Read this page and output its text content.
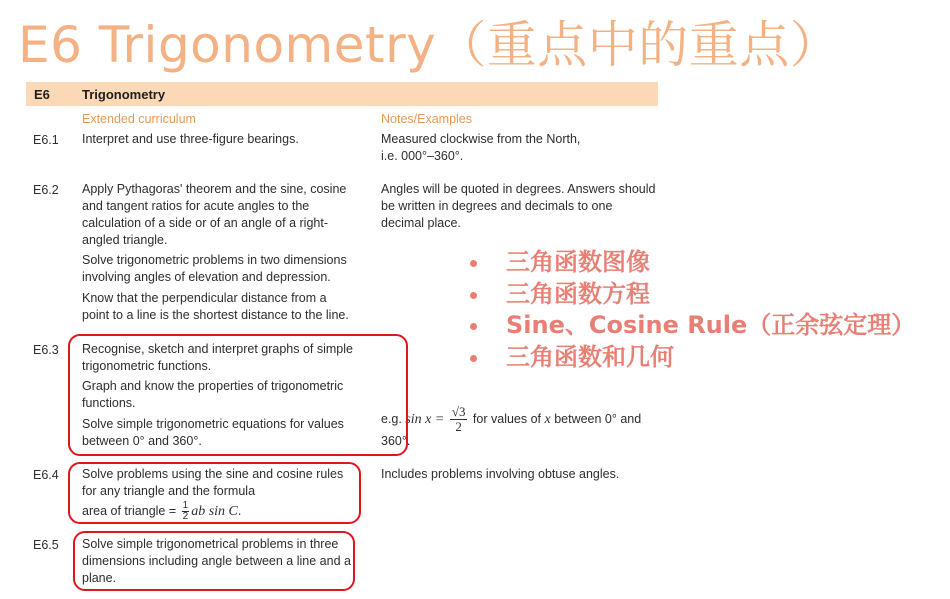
E6 Trigonometry（重点中的重点）
E6 Trigonometry
Extended curriculum	Notes/Examples
E6.1 Interpret and use three-figure bearings.	Measured clockwise from the North,
i.e. 000°–360°.
E6.2 Apply Pythagoras' theorem and the sine, cosine
and tangent ratios for acute angles to the
calculation of a side or of an angle of a right-
angled triangle.
Solve trigonometric problems in two dimensions
involving angles of elevation and depression.
Know that the perpendicular distance from a
point to a line is the shortest distance to the line.
Angles will be quoted in degrees. Answers should
be written in degrees and decimals to one
decimal place.
E6.3 Recognise, sketch and interpret graphs of simple
trigonometric functions.
Graph and know the properties of trigonometric
functions.
Solve simple trigonometric equations for values
between 0° and 360°.
e.g. $\sin x = \frac{√3}{2}$ for values of x between 0° and
360°.
E6.4 Solve problems using the sine and cosine rules
for any triangle and the formula
area of triangle = $\frac{1}{2}$ ab sin C.
Includes problems involving obtuse angles.
E6.5 Solve simple trigonometrical problems in three
dimensions including angle between a line and a
plane.
三角函数图像
三角函数方程
Sine、Cosine Rule（正余弦定理）
三角函数和几何
